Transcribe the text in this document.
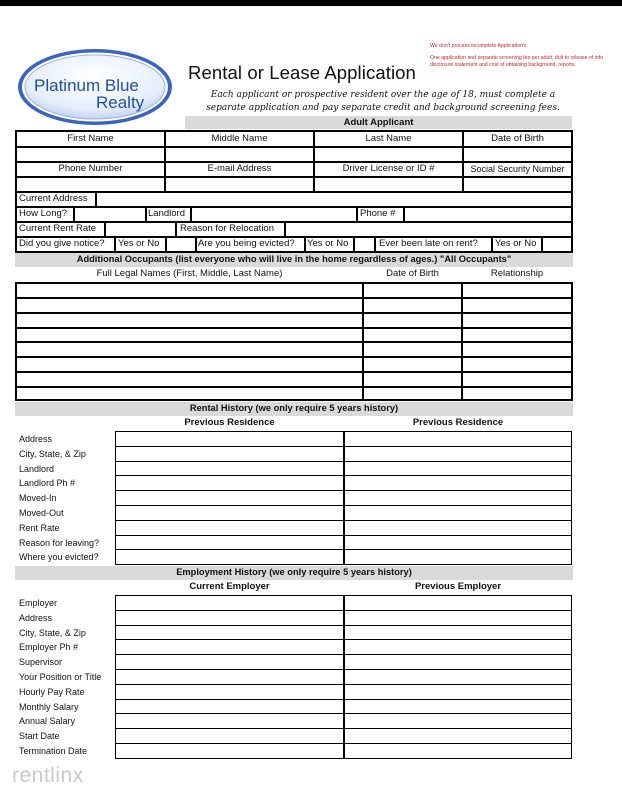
Platinum Blue
Realty
Rental or Lease Application
Each applicant or prospective resident over the age of 18, must complete a separate application and pay separate credit and background screening fees.
We don't process incomplete Application's
One application and separate screening fee per adult, dult to release of info disclosure statement and cost of obtaining background. reports.
Adult Applicant
First Name	Middle Name	Last Name	Date of Birth
Phone Number	E-mail Address	Driver License or ID #	Social Security Number
Current Address
How Long?	Landlord	Phone #
Current Rent Rate	Reason for Relocation
Did you give notice? Yes or No	Are you being evicted? Yes or No	Ever been late on rent? Yes or No
Additional Occupants (list everyone who will live in the home regardless of ages.) "All Occupants"
Full Legal Names (First, Middle, Last Name)	Date of Birth	Relationship
Rental History (we only require 5 years history)
Previous Residence	Previous Residence
Address
City, State, & Zip
Landlord
Landlord Ph #
Moved-In
Moved-Out
Rent Rate
Reason for leaving?
Where you evicted?
Employment History (we only require 5 years history)
Current Employer	Previous Employer
Employer
Address
City, State, & Zip
Employer Ph #
Supervisor
Your Position or Title
Hourly Pay Rate
Monthly Salary
Annual Salary
Start Date
Termination Date
rentlinx
